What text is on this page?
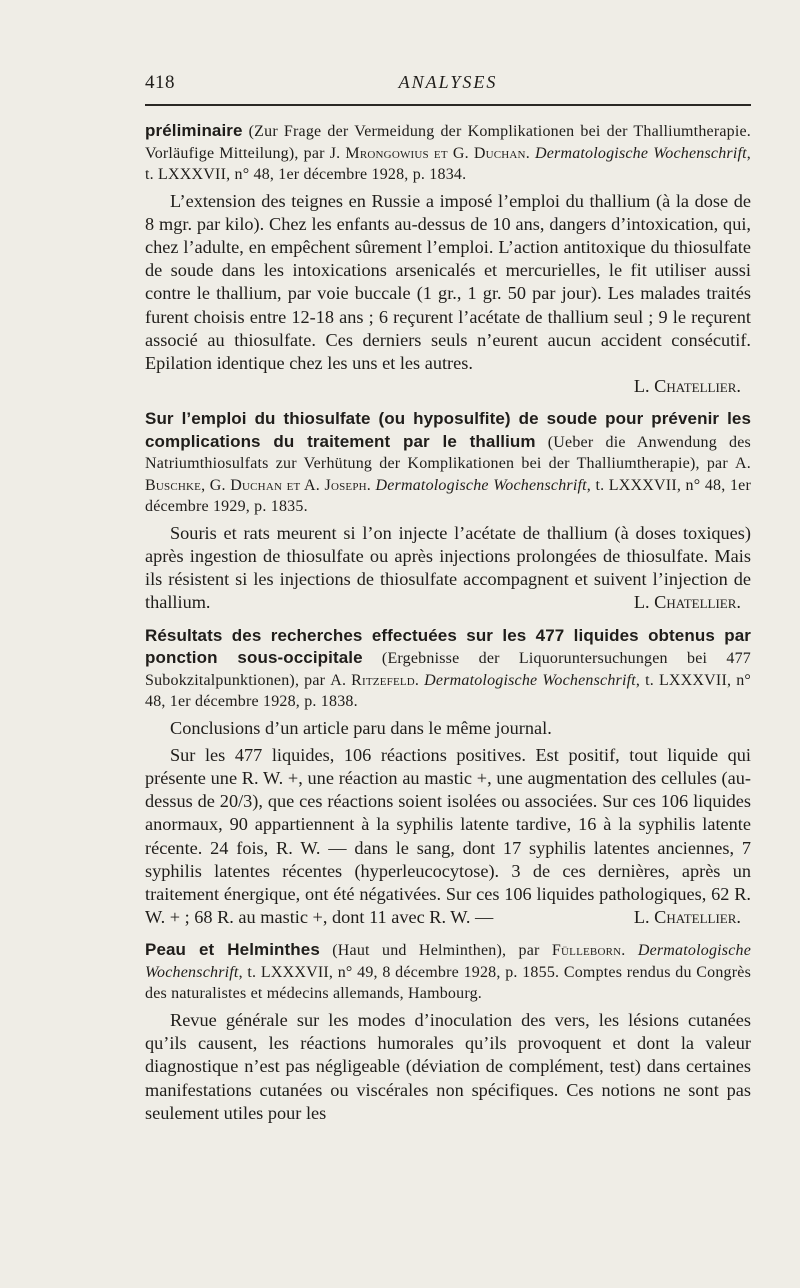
418	ANALYSES
préliminaire (Zur Frage der Vermeidung der Komplikationen bei der Thalliumtherapie. Vorläufige Mitteilung), par J. Mrongowius et G. Duchan. Dermatologische Wochenschrift, t. LXXXVII, n° 48, 1er décembre 1928, p. 1834.

L’extension des teignes en Russie a imposé l’emploi du thallium (à la dose de 8 mgr. par kilo). Chez les enfants au-dessus de 10 ans, dangers d’intoxication, qui, chez l’adulte, en empêchent sûrement l’emploi. L’action antitoxique du thiosulfate de soude dans les intoxications arsenicalés et mercurielles, le fit utiliser aussi contre le thallium, par voie buccale (1 gr., 1 gr. 50 par jour). Les malades traités furent choisis entre 12-18 ans ; 6 reçurent l’acétate de thallium seul ; 9 le reçurent associé au thiosulfate. Ces derniers seuls n’eurent aucun accident consécutif. Epilation identique chez les uns et les autres.

L. Chatellier.
Sur l’emploi du thiosulfate (ou hyposulfite) de soude pour prévenir les complications du traitement par le thallium (Ueber die Anwendung des Natriumthiosulfats zur Verhütung der Komplikationen bei der Thalliumtherapie), par A. Buschke, G. Duchan et A. Joseph. Dermatologische Wochenschrift, t. LXXXVII, n° 48, 1er décembre 1929, p. 1835.

Souris et rats meurent si l’on injecte l’acétate de thallium (à doses toxiques) après ingestion de thiosulfate ou après injections prolongées de thiosulfate. Mais ils résistent si les injections de thiosulfate accompagnent et suivent l’injection de thallium.	L. Chatellier.

Résultats des recherches effectuées sur les 477 liquides obtenus par ponction sous-occipitale (Ergebnisse der Liquoruntersuchungen bei 477 Subokzitalpunktionen), par A. Ritzefeld. Dermatologische Wochenschrift, t. LXXXVII, n° 48, 1er décembre 1928, p. 1838.

Conclusions d’un article paru dans le même journal.

Sur les 477 liquides, 106 réactions positives. Est positif, tout liquide qui présente une R. W. +, une réaction au mastic +, une augmentation des cellules (au-dessus de 20/3), que ces réactions soient isolées ou associées. Sur ces 106 liquides anormaux, 90 appartiennent à la syphilis latente tardive, 16 à la syphilis latente récente. 24 fois, R. W. — dans le sang, dont 17 syphilis latentes anciennes, 7 syphilis latentes récentes (hyperleucocytose). 3 de ces dernières, après un traitement énergique, ont été négativées. Sur ces 106 liquides pathologiques, 62 R. W. + ; 68 R. au mastic +, dont 11 avec R. W. —	L. Chatellier.

Peau et Helminthes (Haut und Helminthen), par Fülleborn. Dermatologische Wochenschrift, t. LXXXVII, n° 49, 8 décembre 1928, p. 1855. Comptes rendus du Congrès des naturalistes et médecins allemands, Hambourg.

Revue générale sur les modes d’inoculation des vers, les lésions cutanées qu’ils causent, les réactions humorales qu’ils provoquent et dont la valeur diagnostique n’est pas négligeable (déviation de complément, test) dans certaines manifestations cutanées ou viscérales non spécifiques. Ces notions ne sont pas seulement utiles pour les
